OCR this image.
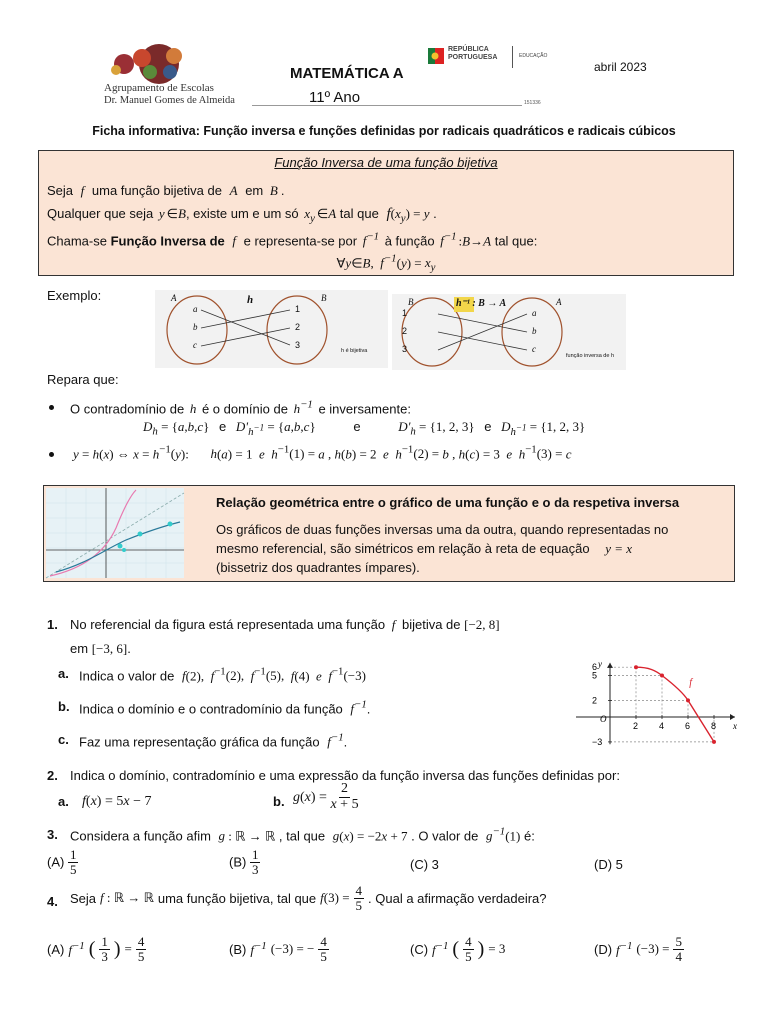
Agrupamento de Escolas
Dr. Manuel Gomes de Almeida
MATEMÁTICA A
11º Ano
REPÚBLICA
PORTUGUESA	EDUCAÇÃO
151336
abril 2023
Ficha informativa: Função inversa e funções definidas por radicais quadráticos e radicais cúbicos
Função Inversa de uma função bijetiva
Seja f uma função bijetiva de A em B .
Qualquer que seja y ∈B, existe um e um só $x_y$ ∈A tal que $f(x_y) = y$ .
Chama-se Função Inversa de f e representa-se por $f^{-1}$ à função $f^{-1}$ :B→A tal que:
∀y∈B,  $f^{-1}(y) = x_y$
Exemplo:	A	B
h
a
b
c
1
2
3
h é bijetiva
B	A
h⁻¹ : B → A
1
2
3
a
b
c
função inversa de h
Repara que:
O contradomínio de h é o domínio de $h^{-1}$ e inversamente:
$D_h = \{a,b,c\}$ e $D'_{h^{-1}} = \{a,b,c\}$	e	$D'_h = \{1$, 2, 3} e $D_{h^{-1}} = \{1$, 2, 3}
y = h(x) ⇔ $x = h^{-1}(y)$: h(a) = 1  e $h^{-1}(1) = a$ , h(b) = 2  e $h^{-1}(2) = b$ , h(c) = 3  e $h^{-1}(3) = c$
Relação geométrica entre o gráfico de uma função e o da respetiva inversa
Os gráficos de duas funções inversas uma da outra, quando representadas no
mesmo referencial, são simétricos em relação à reta de equação y = x
(bissetriz dos quadrantes ímpares).
1. No referencial da figura está representada uma função f bijetiva de [−2, 8]
em [−3, 6].
a. Indica o valor de f(2),  $f^{-1}(2)$,  $f^{-1}(5)$,  f(4)  e $f^{-1}(-3)$
b. Indica o domínio e o contradomínio da função $f^{-1}$.
c. Faz uma representação gráfica da função $f^{-1}$.
x
y
O
2 4 6 8
6
5
2
−3
f
2. Indica o domínio, contradomínio e uma expressão da função inversa das funções definidas por:
a. f(x) = 5x − 7	b. $g(x) = \frac{2}{x + 5}$
3. Considera a função afim g : ℝ → ℝ , tal que g(x) = −2x + 7 . O valor de $g^{-1}(1)$ é:
$(A) \frac{1}{5}$	$(B) \frac{1}{3}$	(C) 3	(D) 5
4. Seja f : ℝ → ℝ uma função bijetiva, tal que $f(3) = \frac{4}{5}$ . Qual a afirmação verdadeira?
(A) $f^{-1}$ ( $\frac{1}{3}$ ) = $\frac{4}{5}$	(B) $f^{-1}$ (−3) = − $\frac{4}{5}$	(C) $f^{-1}$ ( $\frac{4}{5}$ ) = 3	(D) $f^{-1}$ $(-3) = \frac{5}{4}$
